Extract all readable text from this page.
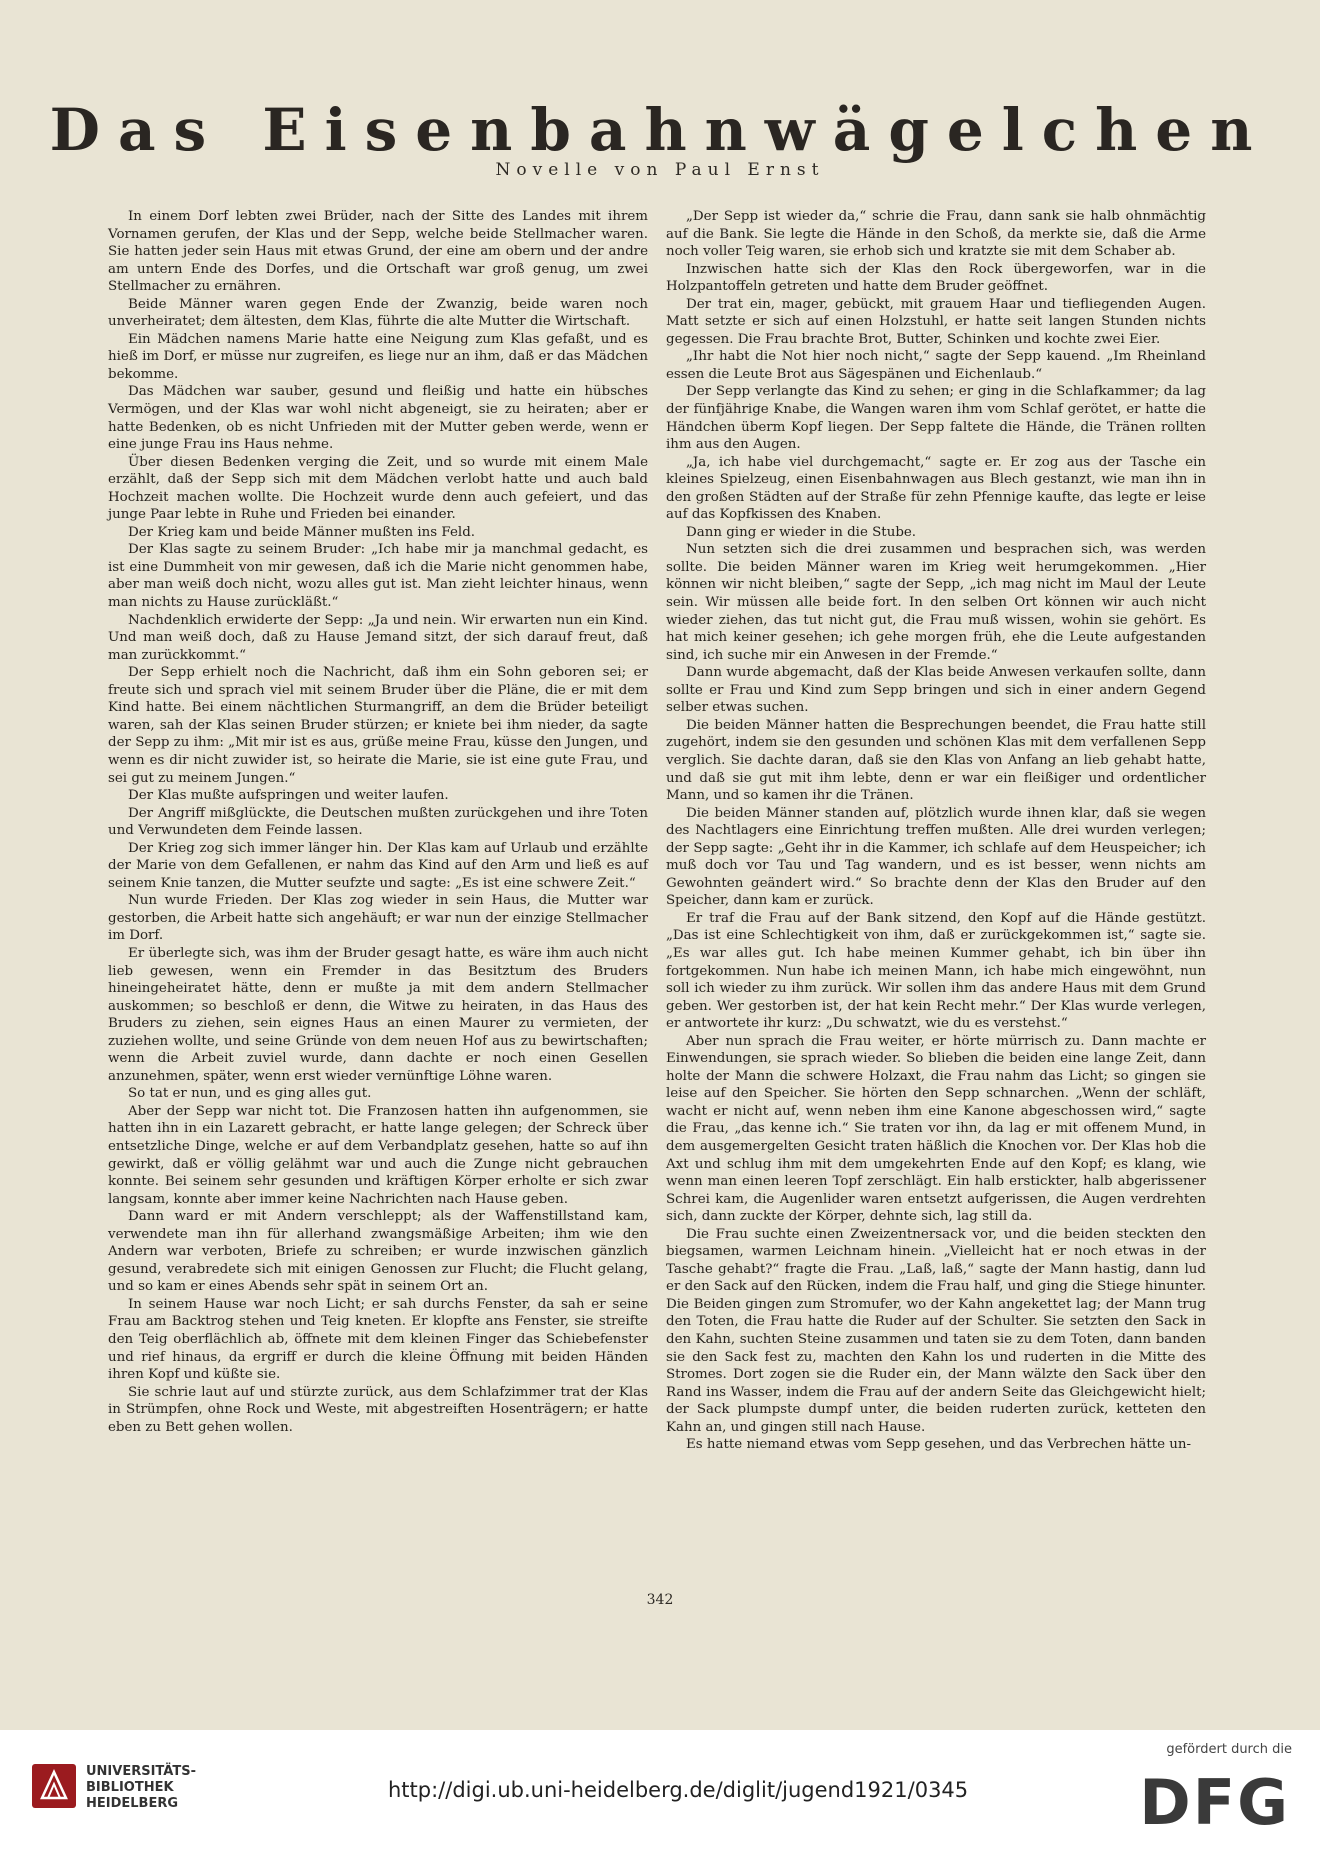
Das Eisenbahnwägelchen
Novelle von Paul Ernst

In einem Dorf lebten zwei Brüder, nach der Sitte des Landes mit ihrem Vornamen gerufen, der Klas und der Sepp, welche beide Stellmacher waren. Sie hatten jeder sein Haus mit etwas Grund, der eine am obern und der andre am untern Ende des Dorfes, und die Ortschaft war groß genug, um zwei Stellmacher zu ernähren.

Beide Männer waren gegen Ende der Zwanzig, beide waren noch unverheiratet; dem ältesten, dem Klas, führte die alte Mutter die Wirtschaft.

Ein Mädchen namens Marie hatte eine Neigung zum Klas gefaßt, und es hieß im Dorf, er müsse nur zugreifen, es liege nur an ihm, daß er das Mädchen bekomme.

Das Mädchen war sauber, gesund und fleißig und hatte ein hübsches Vermögen, und der Klas war wohl nicht abgeneigt, sie zu heiraten; aber er hatte Bedenken, ob es nicht Unfrieden mit der Mutter geben werde, wenn er eine junge Frau ins Haus nehme.

Über diesen Bedenken verging die Zeit, und so wurde mit einem Male erzählt, daß der Sepp sich mit dem Mädchen verlobt hatte und auch bald Hochzeit machen wollte. Die Hochzeit wurde denn auch gefeiert, und das junge Paar lebte in Ruhe und Frieden bei einander.

Der Krieg kam und beide Männer mußten ins Feld.

Der Klas sagte zu seinem Bruder: „Ich habe mir ja manchmal gedacht, es ist eine Dummheit von mir gewesen, daß ich die Marie nicht genommen habe, aber man weiß doch nicht, wozu alles gut ist. Man zieht leichter hinaus, wenn man nichts zu Hause zurückläßt.“

Nachdenklich erwiderte der Sepp: „Ja und nein. Wir erwarten nun ein Kind. Und man weiß doch, daß zu Hause Jemand sitzt, der sich darauf freut, daß man zurückkommt.“

Der Sepp erhielt noch die Nachricht, daß ihm ein Sohn geboren sei; er freute sich und sprach viel mit seinem Bruder über die Pläne, die er mit dem Kind hatte. Bei einem nächtlichen Sturmangriff, an dem die Brüder beteiligt waren, sah der Klas seinen Bruder stürzen; er kniete bei ihm nieder, da sagte der Sepp zu ihm: „Mit mir ist es aus, grüße meine Frau, küsse den Jungen, und wenn es dir nicht zuwider ist, so heirate die Marie, sie ist eine gute Frau, und sei gut zu meinem Jungen.“

Der Klas mußte aufspringen und weiter laufen.

Der Angriff mißglückte, die Deutschen mußten zurückgehen und ihre Toten und Verwundeten dem Feinde lassen.

Der Krieg zog sich immer länger hin. Der Klas kam auf Urlaub und erzählte der Marie von dem Gefallenen, er nahm das Kind auf den Arm und ließ es auf seinem Knie tanzen, die Mutter seufzte und sagte: „Es ist eine schwere Zeit.“

Nun wurde Frieden. Der Klas zog wieder in sein Haus, die Mutter war gestorben, die Arbeit hatte sich angehäuft; er war nun der einzige Stellmacher im Dorf.

Er überlegte sich, was ihm der Bruder gesagt hatte, es wäre ihm auch nicht lieb gewesen, wenn ein Fremder in das Besitztum des Bruders hineingeheiratet hätte, denn er mußte ja mit dem andern Stellmacher auskommen; so beschloß er denn, die Witwe zu heiraten, in das Haus des Bruders zu ziehen, sein eignes Haus an einen Maurer zu vermieten, der zuziehen wollte, und seine Gründe von dem neuen Hof aus zu bewirtschaften; wenn die Arbeit zuviel wurde, dann dachte er noch einen Gesellen anzunehmen, später, wenn erst wieder vernünftige Löhne waren.

So tat er nun, und es ging alles gut.

Aber der Sepp war nicht tot. Die Franzosen hatten ihn aufgenommen, sie hatten ihn in ein Lazarett gebracht, er hatte lange gelegen; der Schreck über entsetzliche Dinge, welche er auf dem Verbandplatz gesehen, hatte so auf ihn gewirkt, daß er völlig gelähmt war und auch die Zunge nicht gebrauchen konnte. Bei seinem sehr gesunden und kräftigen Körper erholte er sich zwar langsam, konnte aber immer keine Nachrichten nach Hause geben.

Dann ward er mit Andern verschleppt; als der Waffenstillstand kam, verwendete man ihn für allerhand zwangsmäßige Arbeiten; ihm wie den Andern war verboten, Briefe zu schreiben; er wurde inzwischen gänzlich gesund, verabredete sich mit einigen Genossen zur Flucht; die Flucht gelang, und so kam er eines Abends sehr spät in seinem Ort an.

In seinem Hause war noch Licht; er sah durchs Fenster, da sah er seine Frau am Backtrog stehen und Teig kneten. Er klopfte ans Fenster, sie streifte den Teig oberflächlich ab, öffnete mit dem kleinen Finger das Schiebefenster und rief hinaus, da ergriff er durch die kleine Öffnung mit beiden Händen ihren Kopf und küßte sie.

Sie schrie laut auf und stürzte zurück, aus dem Schlafzimmer trat der Klas in Strümpfen, ohne Rock und Weste, mit abgestreiften Hosenträgern; er hatte eben zu Bett gehen wollen.

„Der Sepp ist wieder da,“ schrie die Frau, dann sank sie halb ohnmächtig auf die Bank. Sie legte die Hände in den Schoß, da merkte sie, daß die Arme noch voller Teig waren, sie erhob sich und kratzte sie mit dem Schaber ab.

Inzwischen hatte sich der Klas den Rock übergeworfen, war in die Holzpantoffeln getreten und hatte dem Bruder geöffnet.

Der trat ein, mager, gebückt, mit grauem Haar und tiefliegenden Augen. Matt setzte er sich auf einen Holzstuhl, er hatte seit langen Stunden nichts gegessen. Die Frau brachte Brot, Butter, Schinken und kochte zwei Eier.

„Ihr habt die Not hier noch nicht,“ sagte der Sepp kauend. „Im Rheinland essen die Leute Brot aus Sägespänen und Eichenlaub.“

Der Sepp verlangte das Kind zu sehen; er ging in die Schlafkammer; da lag der fünfjährige Knabe, die Wangen waren ihm vom Schlaf gerötet, er hatte die Händchen überm Kopf liegen. Der Sepp faltete die Hände, die Tränen rollten ihm aus den Augen.

„Ja, ich habe viel durchgemacht,“ sagte er. Er zog aus der Tasche ein kleines Spielzeug, einen Eisenbahnwagen aus Blech gestanzt, wie man ihn in den großen Städten auf der Straße für zehn Pfennige kaufte, das legte er leise auf das Kopfkissen des Knaben.

Dann ging er wieder in die Stube.

Nun setzten sich die drei zusammen und besprachen sich, was werden sollte. Die beiden Männer waren im Krieg weit herumgekommen. „Hier können wir nicht bleiben,“ sagte der Sepp, „ich mag nicht im Maul der Leute sein. Wir müssen alle beide fort. In den selben Ort können wir auch nicht wieder ziehen, das tut nicht gut, die Frau muß wissen, wohin sie gehört. Es hat mich keiner gesehen; ich gehe morgen früh, ehe die Leute aufgestanden sind, ich suche mir ein Anwesen in der Fremde.“

Dann wurde abgemacht, daß der Klas beide Anwesen verkaufen sollte, dann sollte er Frau und Kind zum Sepp bringen und sich in einer andern Gegend selber etwas suchen.

Die beiden Männer hatten die Besprechungen beendet, die Frau hatte still zugehört, indem sie den gesunden und schönen Klas mit dem verfallenen Sepp verglich. Sie dachte daran, daß sie den Klas von Anfang an lieb gehabt hatte, und daß sie gut mit ihm lebte, denn er war ein fleißiger und ordentlicher Mann, und so kamen ihr die Tränen.

Die beiden Männer standen auf, plötzlich wurde ihnen klar, daß sie wegen des Nachtlagers eine Einrichtung treffen mußten. Alle drei wurden verlegen; der Sepp sagte: „Geht ihr in die Kammer, ich schlafe auf dem Heuspeicher; ich muß doch vor Tau und Tag wandern, und es ist besser, wenn nichts am Gewohnten geändert wird.“ So brachte denn der Klas den Bruder auf den Speicher, dann kam er zurück.

Er traf die Frau auf der Bank sitzend, den Kopf auf die Hände gestützt. „Das ist eine Schlechtigkeit von ihm, daß er zurückgekommen ist,“ sagte sie. „Es war alles gut. Ich habe meinen Kummer gehabt, ich bin über ihn fortgekommen. Nun habe ich meinen Mann, ich habe mich eingewöhnt, nun soll ich wieder zu ihm zurück. Wir sollen ihm das andere Haus mit dem Grund geben. Wer gestorben ist, der hat kein Recht mehr.“ Der Klas wurde verlegen, er antwortete ihr kurz: „Du schwatzt, wie du es verstehst.“

Aber nun sprach die Frau weiter, er hörte mürrisch zu. Dann machte er Einwendungen, sie sprach wieder. So blieben die beiden eine lange Zeit, dann holte der Mann die schwere Holzaxt, die Frau nahm das Licht; so gingen sie leise auf den Speicher. Sie hörten den Sepp schnarchen. „Wenn der schläft, wacht er nicht auf, wenn neben ihm eine Kanone abgeschossen wird,“ sagte die Frau, „das kenne ich.“ Sie traten vor ihn, da lag er mit offenem Mund, in dem ausgemergelten Gesicht traten häßlich die Knochen vor. Der Klas hob die Axt und schlug ihm mit dem umgekehrten Ende auf den Kopf; es klang, wie wenn man einen leeren Topf zerschlägt. Ein halb erstickter, halb abgerissener Schrei kam, die Augenlider waren entsetzt aufgerissen, die Augen verdrehten sich, dann zuckte der Körper, dehnte sich, lag still da.

Die Frau suchte einen Zweizentnersack vor, und die beiden steckten den biegsamen, warmen Leichnam hinein. „Vielleicht hat er noch etwas in der Tasche gehabt?“ fragte die Frau. „Laß, laß,“ sagte der Mann hastig, dann lud er den Sack auf den Rücken, indem die Frau half, und ging die Stiege hinunter. Die Beiden gingen zum Stromufer, wo der Kahn angekettet lag; der Mann trug den Toten, die Frau hatte die Ruder auf der Schulter. Sie setzten den Sack in den Kahn, suchten Steine zusammen und taten sie zu dem Toten, dann banden sie den Sack fest zu, machten den Kahn los und ruderten in die Mitte des Stromes. Dort zogen sie die Ruder ein, der Mann wälzte den Sack über den Rand ins Wasser, indem die Frau auf der andern Seite das Gleichgewicht hielt; der Sack plumpste dumpf unter, die beiden ruderten zurück, ketteten den Kahn an, und gingen still nach Hause.

Es hatte niemand etwas vom Sepp gesehen, und das Verbrechen hätte un-

342
UNIVERSITÄTS-
BIBLIOTHEK
HEIDELBERG
http://digi.ub.uni-heidelberg.de/diglit/jugend1921/0345
gefördert durch die
DFG
